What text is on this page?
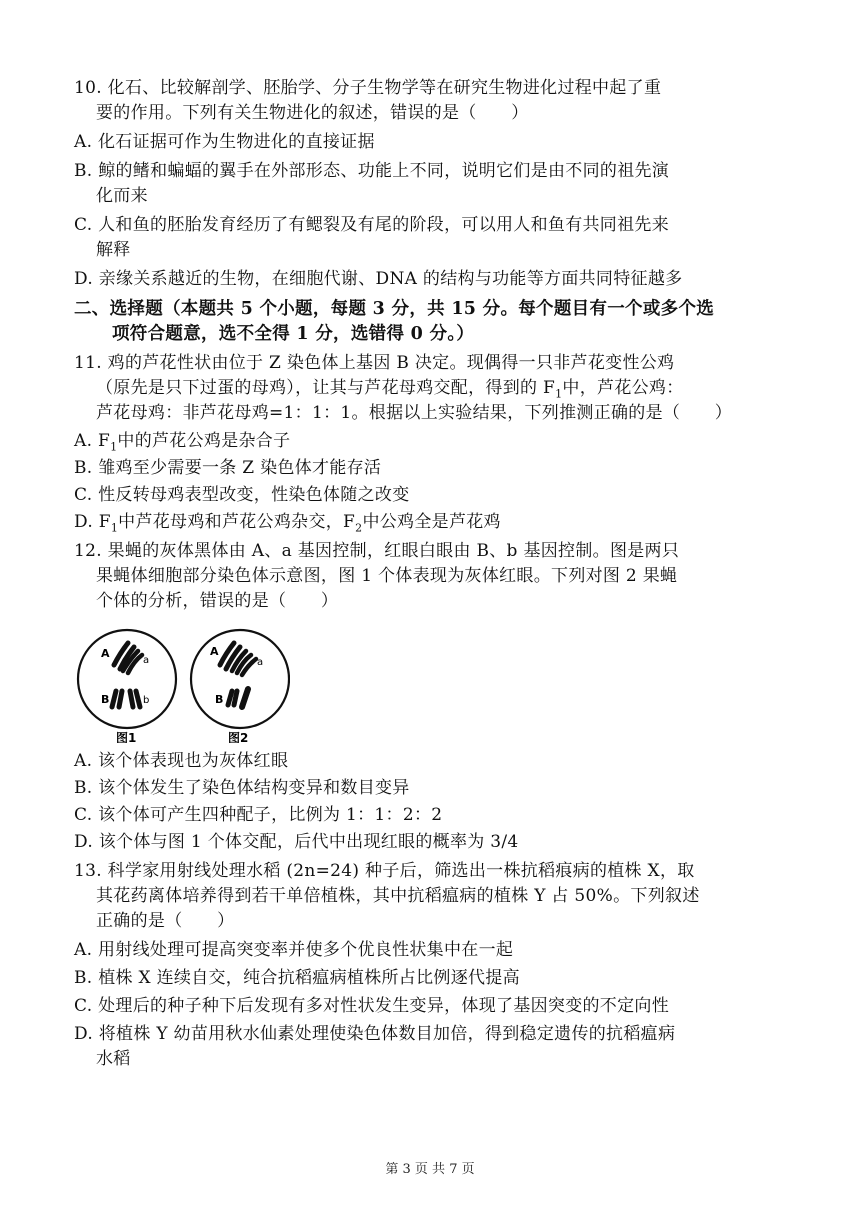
10. 化石、比较解剖学、胚胎学、分子生物学等在研究生物进化过程中起了重
要的作用。下列有关生物进化的叙述，错误的是（　　）
A. 化石证据可作为生物进化的直接证据
B. 鲸的鳍和蝙蝠的翼手在外部形态、功能上不同，说明它们是由不同的祖先演
化而来
C. 人和鱼的胚胎发育经历了有鳃裂及有尾的阶段，可以用人和鱼有共同祖先来
解释
D. 亲缘关系越近的生物，在细胞代谢、DNA 的结构与功能等方面共同特征越多
二、选择题（本题共 5 个小题，每题 3 分，共 15 分。每个题目有一个或多个选
项符合题意，选不全得 1 分，选错得 0 分。）
11. 鸡的芦花性状由位于 Z 染色体上基因 B 决定。现偶得一只非芦花变性公鸡
（原先是只下过蛋的母鸡），让其与芦花母鸡交配，得到的 $F_1$中，芦花公鸡：
芦花母鸡：非芦花母鸡=1：1：1。根据以上实验结果，下列推测正确的是（　　）
A. $F_1$中的芦花公鸡是杂合子
B. 雏鸡至少需要一条 Z 染色体才能存活
C. 性反转母鸡表型改变，性染色体随之改变
D. $F_1$中芦花母鸡和芦花公鸡杂交，$F_2$中公鸡全是芦花鸡
12. 果蝇的灰体黑体由 A、a 基因控制，红眼白眼由 B、b 基因控制。图是两只
果蝇体细胞部分染色体示意图，图 1 个体表现为灰体红眼。下列对图 2 果蝇
个体的分析，错误的是（　　）
A
a
B	b
图1
A
a
B
图2
A. 该个体表现也为灰体红眼
B. 该个体发生了染色体结构变异和数目变异
C. 该个体可产生四种配子，比例为 1：1：2：2
D. 该个体与图 1 个体交配，后代中出现红眼的概率为 3/4
13. 科学家用射线处理水稻 (2n=24) 种子后，筛选出一株抗稻痕病的植株 X，取
其花药离体培养得到若干单倍植株，其中抗稻瘟病的植株 Y 占 50%。下列叙述
正确的是（　　）
A. 用射线处理可提高突变率并使多个优良性状集中在一起
B. 植株 X 连续自交，纯合抗稻瘟病植株所占比例逐代提高
C. 处理后的种子种下后发现有多对性状发生变异，体现了基因突变的不定向性
D. 将植株 Y 幼苗用秋水仙素处理使染色体数目加倍，得到稳定遗传的抗稻瘟病
水稻
第 3 页 共 7 页
